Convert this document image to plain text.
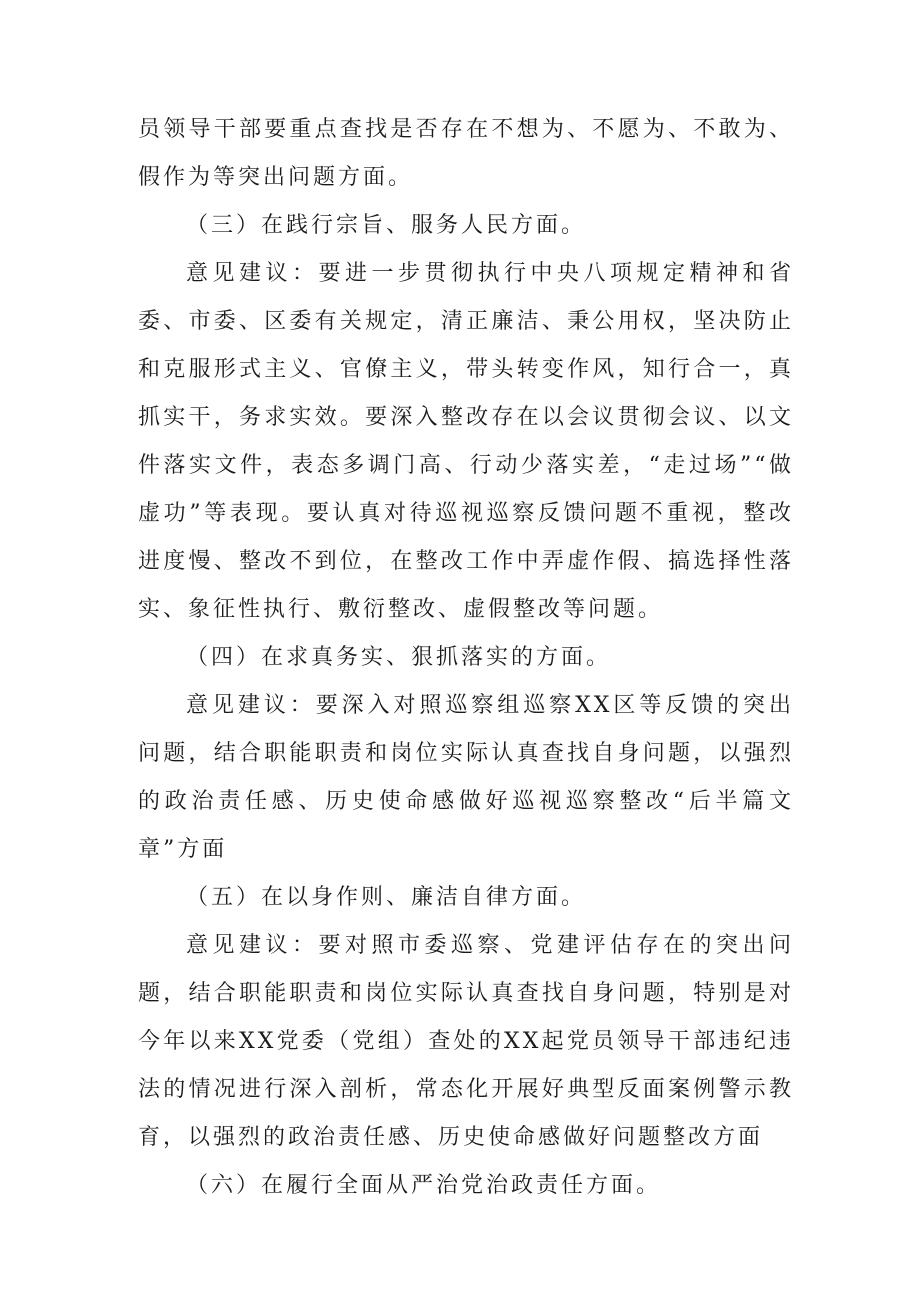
员领导干部要重点查找是否存在不想为、不愿为、不敢为、假作为等突出问题方面。

（三）在践行宗旨、服务人民方面。

意见建议：要进一步贯彻执行中央八项规定精神和省委、市委、区委有关规定，清正廉洁、秉公用权，坚决防止和克服形式主义、官僚主义，带头转变作风，知行合一，真抓实干，务求实效。要深入整改存在以会议贯彻会议、以文件落实文件，表态多调门高、行动少落实差，“走过场”“做虚功”等表现。要认真对待巡视巡察反馈问题不重视，整改进度慢、整改不到位，在整改工作中弄虚作假、搞选择性落实、象征性执行、敷衍整改、虚假整改等问题。

（四）在求真务实、狠抓落实的方面。

意见建议：要深入对照巡察组巡察XX区等反馈的突出问题，结合职能职责和岗位实际认真查找自身问题，以强烈的政治责任感、历史使命感做好巡视巡察整改“后半篇文章”方面

（五）在以身作则、廉洁自律方面。

意见建议：要对照市委巡察、党建评估存在的突出问题，结合职能职责和岗位实际认真查找自身问题，特别是对今年以来XX党委（党组）查处的XX起党员领导干部违纪违法的情况进行深入剖析，常态化开展好典型反面案例警示教育，以强烈的政治责任感、历史使命感做好问题整改方面

（六）在履行全面从严治党治政责任方面。
